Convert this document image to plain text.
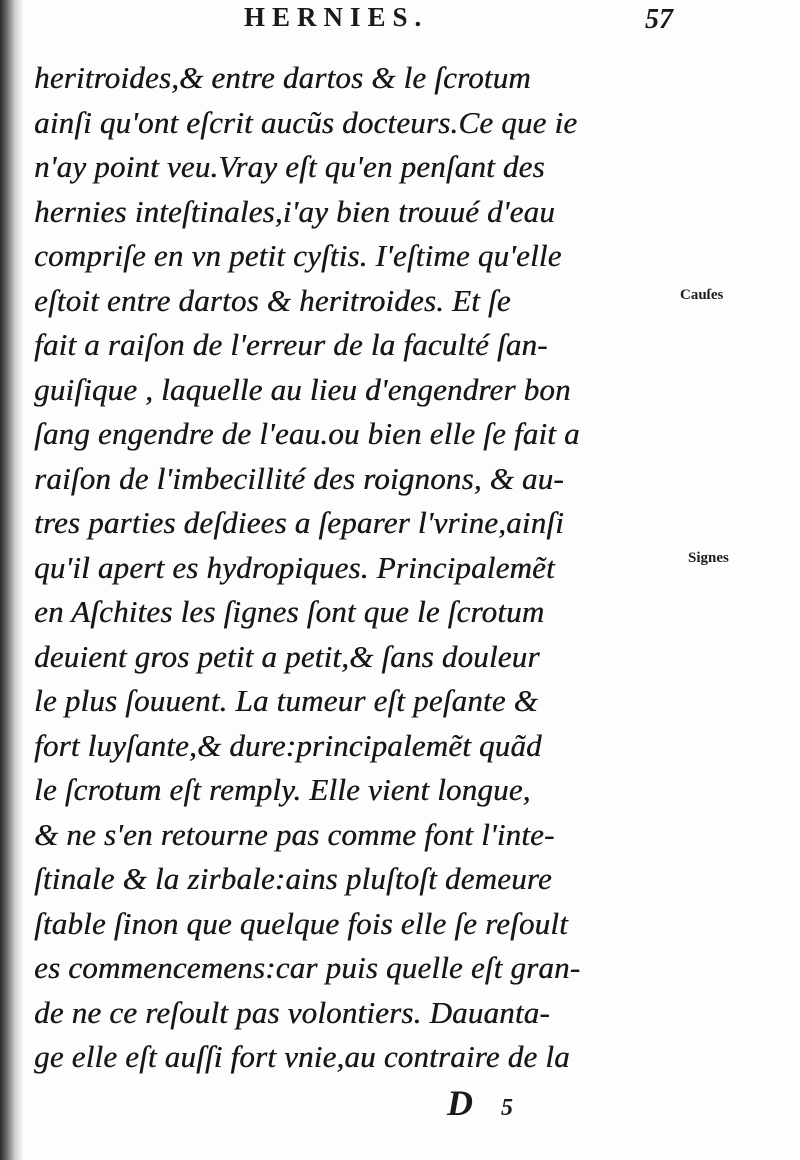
HERNIES.	57
heritroides,& entre dartos & le ſcrotum
ainſi qu'ont eſcrit aucũs docteurs.Ce que ie
n'ay point veu.Vray eſt qu'en penſant des
hernies inteſtinales,i'ay bien trouué d'eau
compriſe en vn petit cyſtis. I'eſtime qu'elle
eſtoit entre dartos & heritroides. Et ſe
fait a raiſon de l'erreur de la faculté ſan-
guiſique , laquelle au lieu d'engendrer bon
ſang engendre de l'eau.ou bien elle ſe fait a
raiſon de l'imbecillité des roignons, & au-
tres parties deſdiees a ſeparer l'vrine,ainſi
qu'il apert es hydropiques. Principalemẽt
en Aſchites les ſignes ſont que le ſcrotum
deuient gros petit a petit,& ſans douleur
le plus ſouuent. La tumeur eſt peſante &
fort luyſante,& dure:principalemẽt quãd
le ſcrotum eſt remply. Elle vient longue,
& ne s'en retourne pas comme font l'inte-
ſtinale & la zirbale:ains pluſtoſt demeure
ſtable ſinon que quelque fois elle ſe reſoult
es commencemens:car puis quelle eſt gran-
de ne ce reſoult pas volontiers. Dauanta-
ge elle eſt auſſi fort vnie,au contraire de la
Cauſes
Signes
D5
